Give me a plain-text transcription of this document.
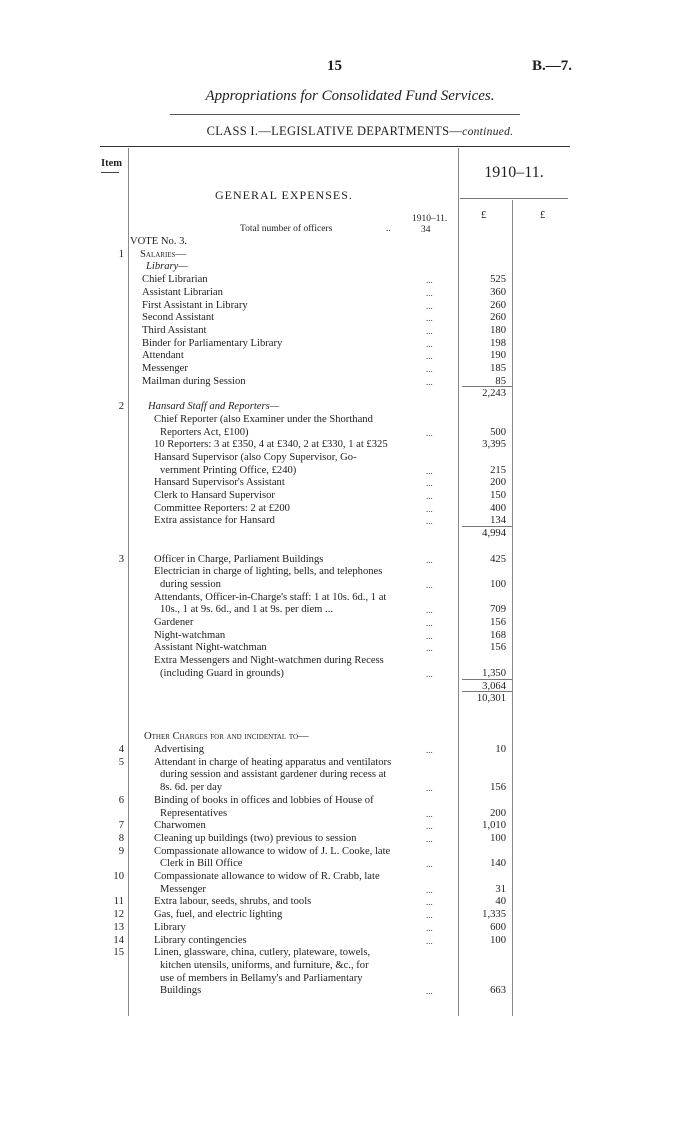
15	B.—7.
Appropriations for Consolidated Fund Services.
CLASS I.—LEGISLATIVE DEPARTMENTS—continued.
Item
1910–11.
£	£
GENERAL EXPENSES.
1910–11.
Total number of officers	..	34
VOTE No. 3.
1 Salaries—
Library—
Chief Librarian	...	525
Assistant Librarian	...	360
First Assistant in Library	...	260
Second Assistant	...	260
Third Assistant	...	180
Binder for Parliamentary Library	...	198
Attendant	...	190
Messenger	...	185
Mailman during Session	...	85
2,243
2 Hansard Staff and Reporters—
Chief Reporter (also Examiner under the Shorthand
Reporters Act, £100)	...	500
10 Reporters: 3 at £350, 4 at £340, 2 at £330, 1 at £325	3,395
Hansard Supervisor (also Copy Supervisor, Go-
vernment Printing Office, £240)	...	215
Hansard Supervisor's Assistant	...	200
Clerk to Hansard Supervisor	...	150
Committee Reporters: 2 at £200	...	400
Extra assistance for Hansard	...	134
4,994
3	Officer in Charge, Parliament Buildings	...	425
Electrician in charge of lighting, bells, and telephones
during session	...	100
Attendants, Officer-in-Charge's staff: 1 at 10s. 6d., 1 at
10s., 1 at 9s. 6d., and 1 at 9s. per diem ...	...	709
Gardener	...	156
Night-watchman	...	168
Assistant Night-watchman	...	156
Extra Messengers and Night-watchmen during Recess
(including Guard in grounds)	...	1,350
3,064
10,301
Other Charges for and incidental to—
4	Advertising	...	10
5	Attendant in charge of heating apparatus and ventilators
during session and assistant gardener during recess at
8s. 6d. per day	...	156
6	Binding of books in offices and lobbies of House of
Representatives	...	200
7	Charwomen	...	1,010
8	Cleaning up buildings (two) previous to session	...	100
9	Compassionate allowance to widow of J. L. Cooke, late
Clerk in Bill Office	...	140
10	Compassionate allowance to widow of R. Crabb, late
Messenger	...	31
11	Extra labour, seeds, shrubs, and tools	...	40
12	Gas, fuel, and electric lighting	...	1,335
13	Library	...	600
14	Library contingencies	...	100
15	Linen, glassware, china, cutlery, plateware, towels,
kitchen utensils, uniforms, and furniture, &c., for
use of members in Bellamy's and Parliamentary
Buildings	...	663
